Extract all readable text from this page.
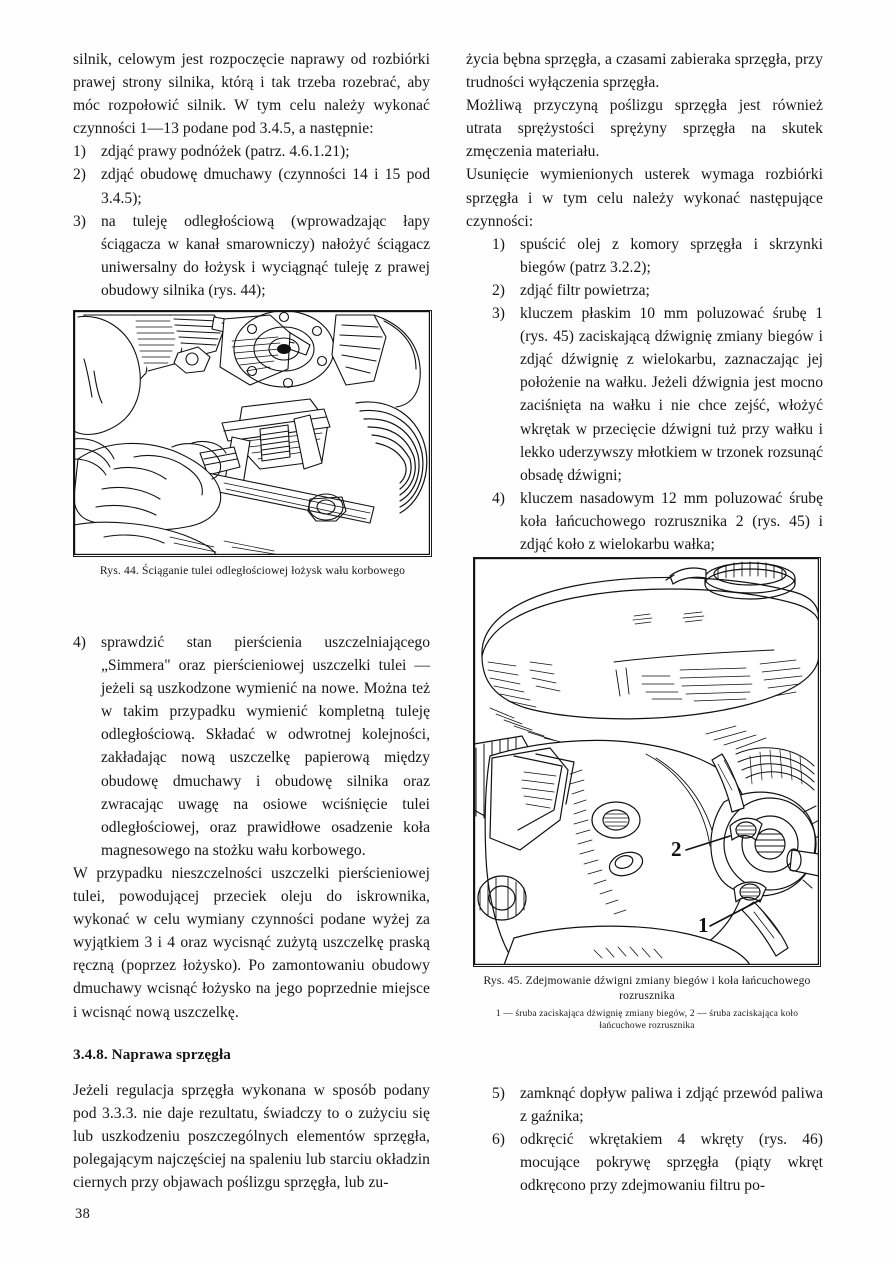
silnik, celowym jest rozpoczęcie naprawy od rozbiórki prawej strony silnika, którą i tak trzeba rozebrać, aby móc rozpołowić silnik. W tym celu należy wykonać czynności 1—13 podane pod 3.4.5, a następnie:

1) zdjąć prawy podnóżek (patrz. 4.6.1.21);
2) zdjąć obudowę dmuchawy (czynności 14 i 15 pod 3.4.5);
3) na tuleję odległościową (wprowadzając łapy ściągacza w kanał smarowniczy) nałożyć ściągacz uniwersalny do łożysk i wyciągnąć tuleję z prawej obudowy silnika (rys. 44);
Rys. 44. Ściąganie tulei odległościowej łożysk wału korbowego
4) sprawdzić stan pierścienia uszczelniającego „Simmera" oraz pierścieniowej uszczelki tulei — jeżeli są uszkodzone wymienić na nowe. Można też w takim przypadku wymienić kompletną tuleję odległościową. Składać w odwrotnej kolejności, zakładając nową uszczelkę papierową między obudowę dmuchawy i obudowę silnika oraz zwracając uwagę na osiowe wciśnięcie tulei odległościowej, oraz prawidłowe osadzenie koła magnesowego na stożku wału korbowego.

W przypadku nieszczelności uszczelki pierścieniowej tulei, powodującej przeciek oleju do iskrownika, wykonać w celu wymiany czynności podane wyżej za wyjątkiem 3 i 4 oraz wycisnąć zużytą uszczelkę praską ręczną (poprzez łożysko). Po zamontowaniu obudowy dmuchawy wcisnąć łożysko na jego poprzednie miejsce i wcisnąć nową uszczelkę.

3.4.8. Naprawa sprzęgła

Jeżeli regulacja sprzęgła wykonana w sposób podany pod 3.3.3. nie daje rezultatu, świadczy to o zużyciu się lub uszkodzeniu poszczególnych elementów sprzęgła, polegającym najczęściej na spaleniu lub starciu okładzin ciernych przy objawach poślizgu sprzęgła, lub zu-

życia bębna sprzęgła, a czasami zabieraka sprzęgła, przy trudności wyłączenia sprzęgła.

Możliwą przyczyną poślizgu sprzęgła jest również utrata sprężystości sprężyny sprzęgła na skutek zmęczenia materiału.

Usunięcie wymienionych usterek wymaga rozbiórki sprzęgła i w tym celu należy wykonać następujące czynności:

1) spuścić olej z komory sprzęgła i skrzynki biegów (patrz 3.2.2);
2) zdjąć filtr powietrza;
3) kluczem płaskim 10 mm poluzować śrubę 1 (rys. 45) zaciskającą dźwignię zmiany biegów i zdjąć dźwignię z wielokarbu, zaznaczając jej położenie na wałku. Jeżeli dźwignia jest mocno zaciśnięta na wałku i nie chce zejść, włożyć wkrętak w przecięcie dźwigni tuż przy wałku i lekko uderzywszy młotkiem w trzonek rozsunąć obsadę dźwigni;
4) kluczem nasadowym 12 mm poluzować śrubę koła łańcuchowego rozrusznika 2 (rys. 45) i zdjąć koło z wielokarbu wałka;
2
1
Rys. 45. Zdejmowanie dźwigni zmiany biegów i koła łańcuchowego rozrusznika
1 — śruba zaciskająca dźwignię zmiany biegów, 2 — śruba zaciskająca koło łańcuchowe rozrusznika
5) zamknąć dopływ paliwa i zdjąć przewód paliwa z gaźnika;
6) odkręcić wkrętakiem 4 wkręty (rys. 46) mocujące pokrywę sprzęgła (piąty wkręt odkręcono przy zdejmowaniu filtru po-
38
